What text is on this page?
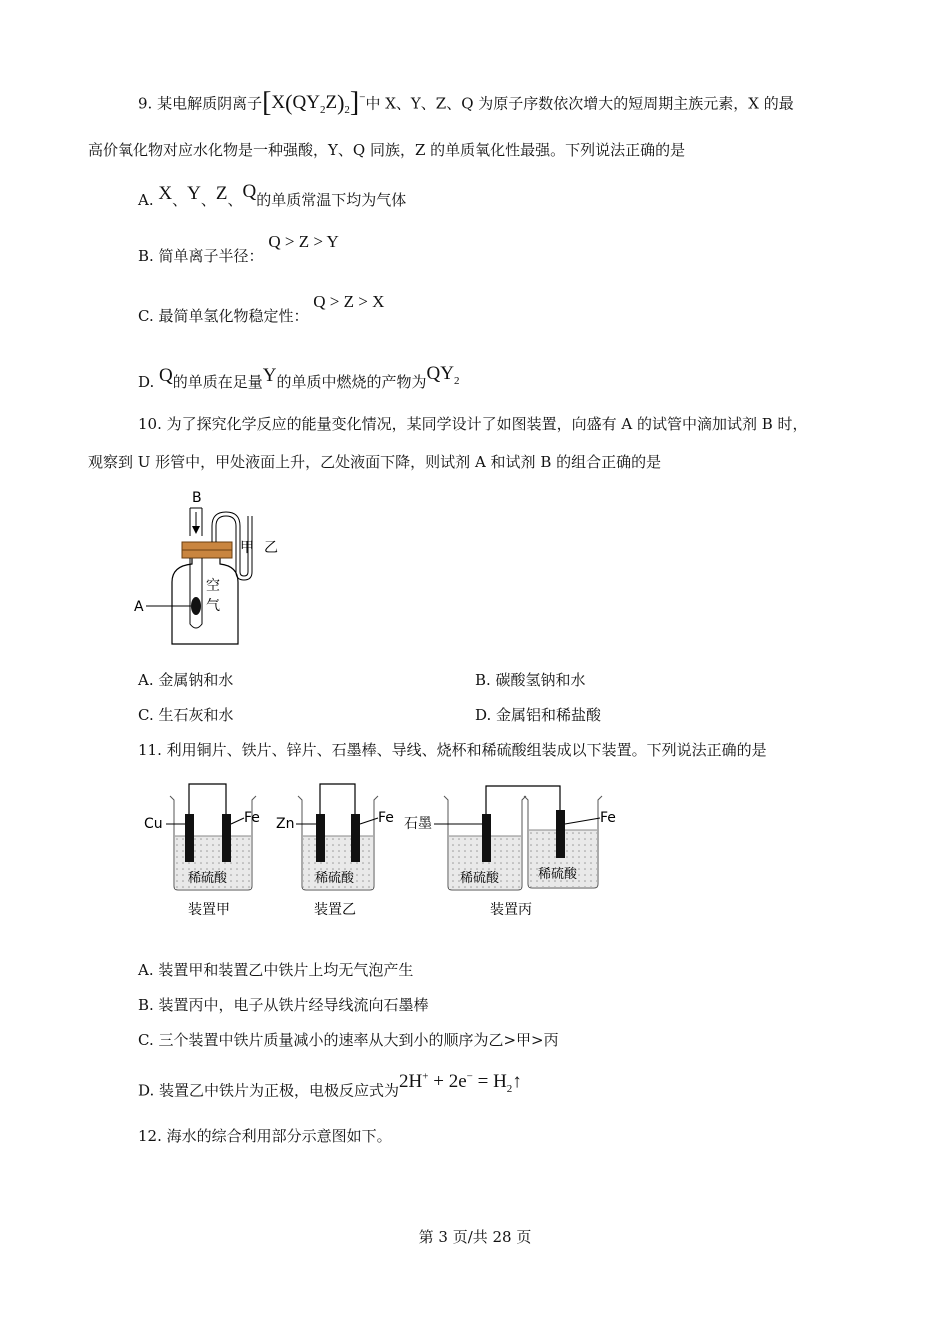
9. 某电解质阴离子$[X(QY_2Z)_2]^-$中 X、Y、Z、Q 为原子序数依次增大的短周期主族元素，X 的最
高价氧化物对应水化物是一种强酸，Y、Q 同族，Z 的单质氧化性最强。下列说法正确的是
A. X、Y、Z、Q的单质常温下均为气体
B. 简单离子半径： Q > Z > Y
C. 最简单氢化物稳定性： Q > Z > X
D. Q的单质在足量Y的单质中燃烧的产物为$QY_2$
10. 为了探究化学反应的能量变化情况，某同学设计了如图装置，向盛有 A 的试管中滴加试剂 B 时，
观察到 U 形管中，甲处液面上升，乙处液面下降，则试剂 A 和试剂 B 的组合正确的是
B
A
甲 乙
空
气
A. 金属钠和水	B. 碳酸氢钠和水
C. 生石灰和水	D. 金属铝和稀盐酸
11. 利用铜片、铁片、锌片、石墨棒、导线、烧杯和稀硫酸组装成以下装置。下列说法正确的是
Cu	Fe
稀硫酸
装置甲
Zn	Fe
稀硫酸
装置乙
石墨	Fe
稀硫酸	稀硫酸
装置丙
A. 装置甲和装置乙中铁片上均无气泡产生
B. 装置丙中，电子从铁片经导线流向石墨棒
C. 三个装置中铁片质量减小的速率从大到小的顺序为乙>甲>丙
D. 装置乙中铁片为正极，电极反应式为$2H^+ + 2e^- = H_2↑$
12. 海水的综合利用部分示意图如下。
第 3 页/共 28 页
